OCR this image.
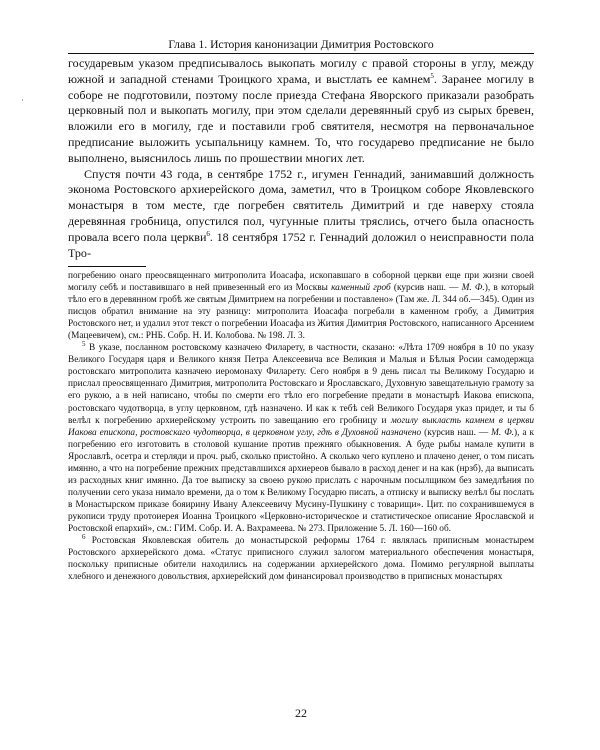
·
Глава 1. История канонизации Димитрия Ростовского

государевым указом предписывалось выкопать могилу с правой стороны в углу, между южной и западной стенами Троицкого храма, и выстлать ее камнем$^5$. Заранее могилу в соборе не подготовили, поэтому после приезда Стефана Яворского приказали разобрать церковный пол и выкопать могилу, при этом сделали деревянный сруб из сырых бревен, вложили его в могилу, где и поставили гроб святителя, несмотря на первоначальное предписание выложить усыпальницу камнем. То, что государево предписание не было выполнено, выяснилось лишь по прошествии многих лет.

Спустя почти 43 года, в сентябре 1752 г., игумен Геннадий, занимавший должность эконома Ростовского архиерейского дома, заметил, что в Троицком соборе Яковлевского монастыря в том месте, где погребен святитель Димитрий и где наверху стояла деревянная гробница, опустился пол, чугунные плиты тряслись, отчего была опасность провала всего пола церкви$^6$. 18 сентября 1752 г. Геннадий доложил о неисправности пола Тро-

погребению онаго преосвященнаго митрополита Иоасафа, ископавшаго в соборной церкви еще при жизни своей могилу себѣ и поставившаго в ней привезенный его из Москвы каменный гроб (курсив наш. — М. Ф.), в который тѣло его в деревянном гробѣ же святым Димитрием на погребении и поставлено» (Там же. Л. 344 об.—345). Один из писцов обратил внимание на эту разницу: митрополита Иоасафа погребали в каменном гробу, а Димитрия Ростовского нет, и удалил этот текст о погребении Иоасафа из Жития Димитрия Ростовского, написанного Арсением (Мацеевичем), см.: РНБ. Собр. Н. И. Колобова. № 198. Л. 3.

$^5$ В указе, посланном ростовскому казначею Филарету, в частности, сказано: «Лѣта 1709 ноября в 10 по указу Великого Государя царя и Великого князя Петра Алексеевича все Великия и Малыя и Бѣлыя Росии самодержца ростовскаго митрополита казначею иеромонаху Филарету. Сего ноября в 9 день писал ты Великому Государю и прислал преосвященнаго Димитрия, митрополита Ростовскаго и Ярославскаго, Духовную завещательную грамоту за его рукою, а в ней написано, чтобы по смерти его тѣло его погребение предати в монастырѣ Иакова епископа, ростовскаго чудотворца, в углу церковном, гдѣ назначено. И как к тебѣ сей Великого Государя указ придет, и ты б велѣл к погребению архиерейскому устроить по завещанию его гробницу и могилу выкласть камнем в церкви Иакова епископа, ростовскаго чудотворца, в церковном углу, гдѣ в Духовной назначено (курсив наш. — М. Ф.), а к погребению его изготовить в столовой кушание против прежняго обыкновения. А буде рыбы намале купити в Ярославлѣ, осетра и стерляди и проч. рыб, сколько пристойно. А сколько чего куплено и плачено денег, о том писать имянно, а что на погребение прежних представлшихся архиереов бывало в расход денег и на как (нрзб), да выписать из расходных книг имянно. Да тое выписку за своею рукою прислать с нарочным посылщиком без замедлѣния по получении сего указа нимало времени, да о том к Великому Государю писать, а отписку и выписку велѣл бы послать в Монастырском приказе бояирину Ивану Алексеевичу Мусину-Пушкину с товарищи». Цит. по сохранившемуся в рукописи труду протоиерея Иоанна Троицкого «Церковно-историческое и статистическое описание Ярославской и Ростовской епархий», см.: ГИМ. Собр. И. А. Вахрамеева. № 273. Приложение 5. Л. 160—160 об.

$^6$ Ростовская Яковлевская обитель до монастырской реформы 1764 г. являлась приписным монастырем Ростовского архиерейского дома. «Статус приписного служил залогом материального обеспечения монастыря, поскольку приписные обители находились на содержании архиерейского дома. Помимо регулярной выплаты хлебного и денежного довольствия, архиерейский дом финансировал производство в приписных монастырях

22
